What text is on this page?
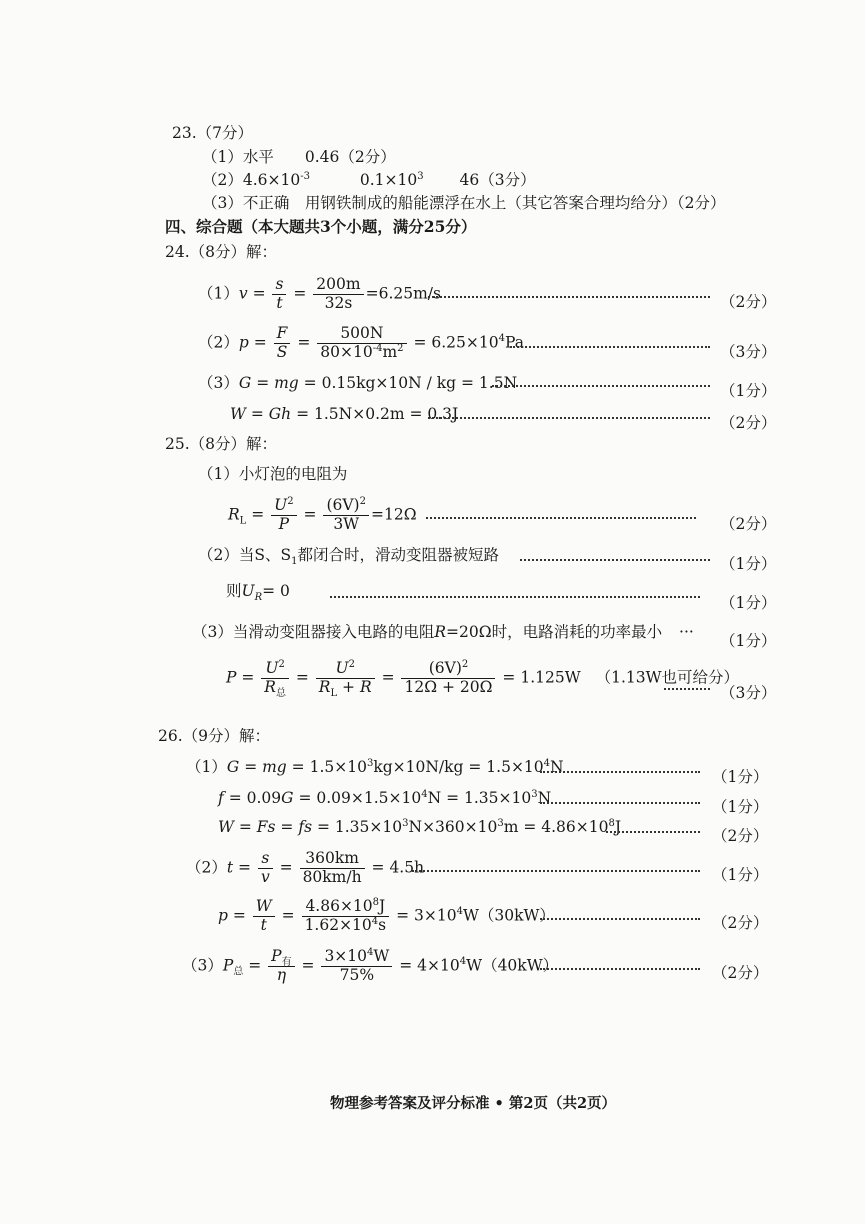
23.（7分）
（1）水平　　0.46（2分）
$(2)4.6\times 10^{-3}$	$0.1\times 10^3$ 46（3分）
（3）不正确　用钢铁制成的船能漂浮在水上（其它答案合理均给分）（2分）
四、综合题（本大题共3个小题，满分25分）
24.（8分）解：
$(1)v = \frac{s}{t} = \frac{200m}{32s} =6.25m/s$	（2分）
$(2)p = \frac{F}{S} = \frac{500N}{80\times 10^{-4}m^2} = 6.25\times 10^4Pa$
（3分）
（3）G = mg = 0.15kg×10N / kg = 1.5N	（1分）
W = Gh = 1.5N×0.2m = 0.3J	（2分）
25.（8分）解：
（1）小灯泡的电阻为
$R_L = \frac{U^2}{P} = \frac{(6V)^2}{3W} =12\Omega$
（2分）
（2）当S、$S_1$都闭合时，滑动变阻器被短路	（1分）
则$U_R= 0$
（1分）
（3）当滑动变阻器接入电路的电阻R=20Ω时，电路消耗的功率最小 ··· （1分）
$P = \frac{U^2}{R_总} = \frac{U^2}{R_L + R} = \frac{(6V)^2}{12\Omega + 20\Omega} = 1.125W$ （1.13W也可给分）
（3分）
26.（9分）解：
（1）G = mg = $1.5\times 10^3kg\times 10N/kg = 1.5\times 10^4N$
（1分）
$f = 0.09G = 0.09\times 1.5\times 10^4N = 1.35\times 10^3N$	（1分）
W = Fs = fs = $1.35\times 10^3N\times 360\times 10^3m = 4.86\times 10^8J$	（2分）
$(2)t = \frac{s}{v} = \frac{360km}{80km/h} = 4.5h$	（1分）
$p = \frac{W}{t} = \frac{4.86\times 10^8J}{1.62\times 10^4s} = 3\times 10^4W(30kW)$	（2分）
$(3)P_总 = \frac{P_有}{\eta} = \frac{3\times 10^4W}{75\%} = 4\times 10^4W(40kW)$	（2分）
物理参考答案及评分标准 • 第2页（共2页）
